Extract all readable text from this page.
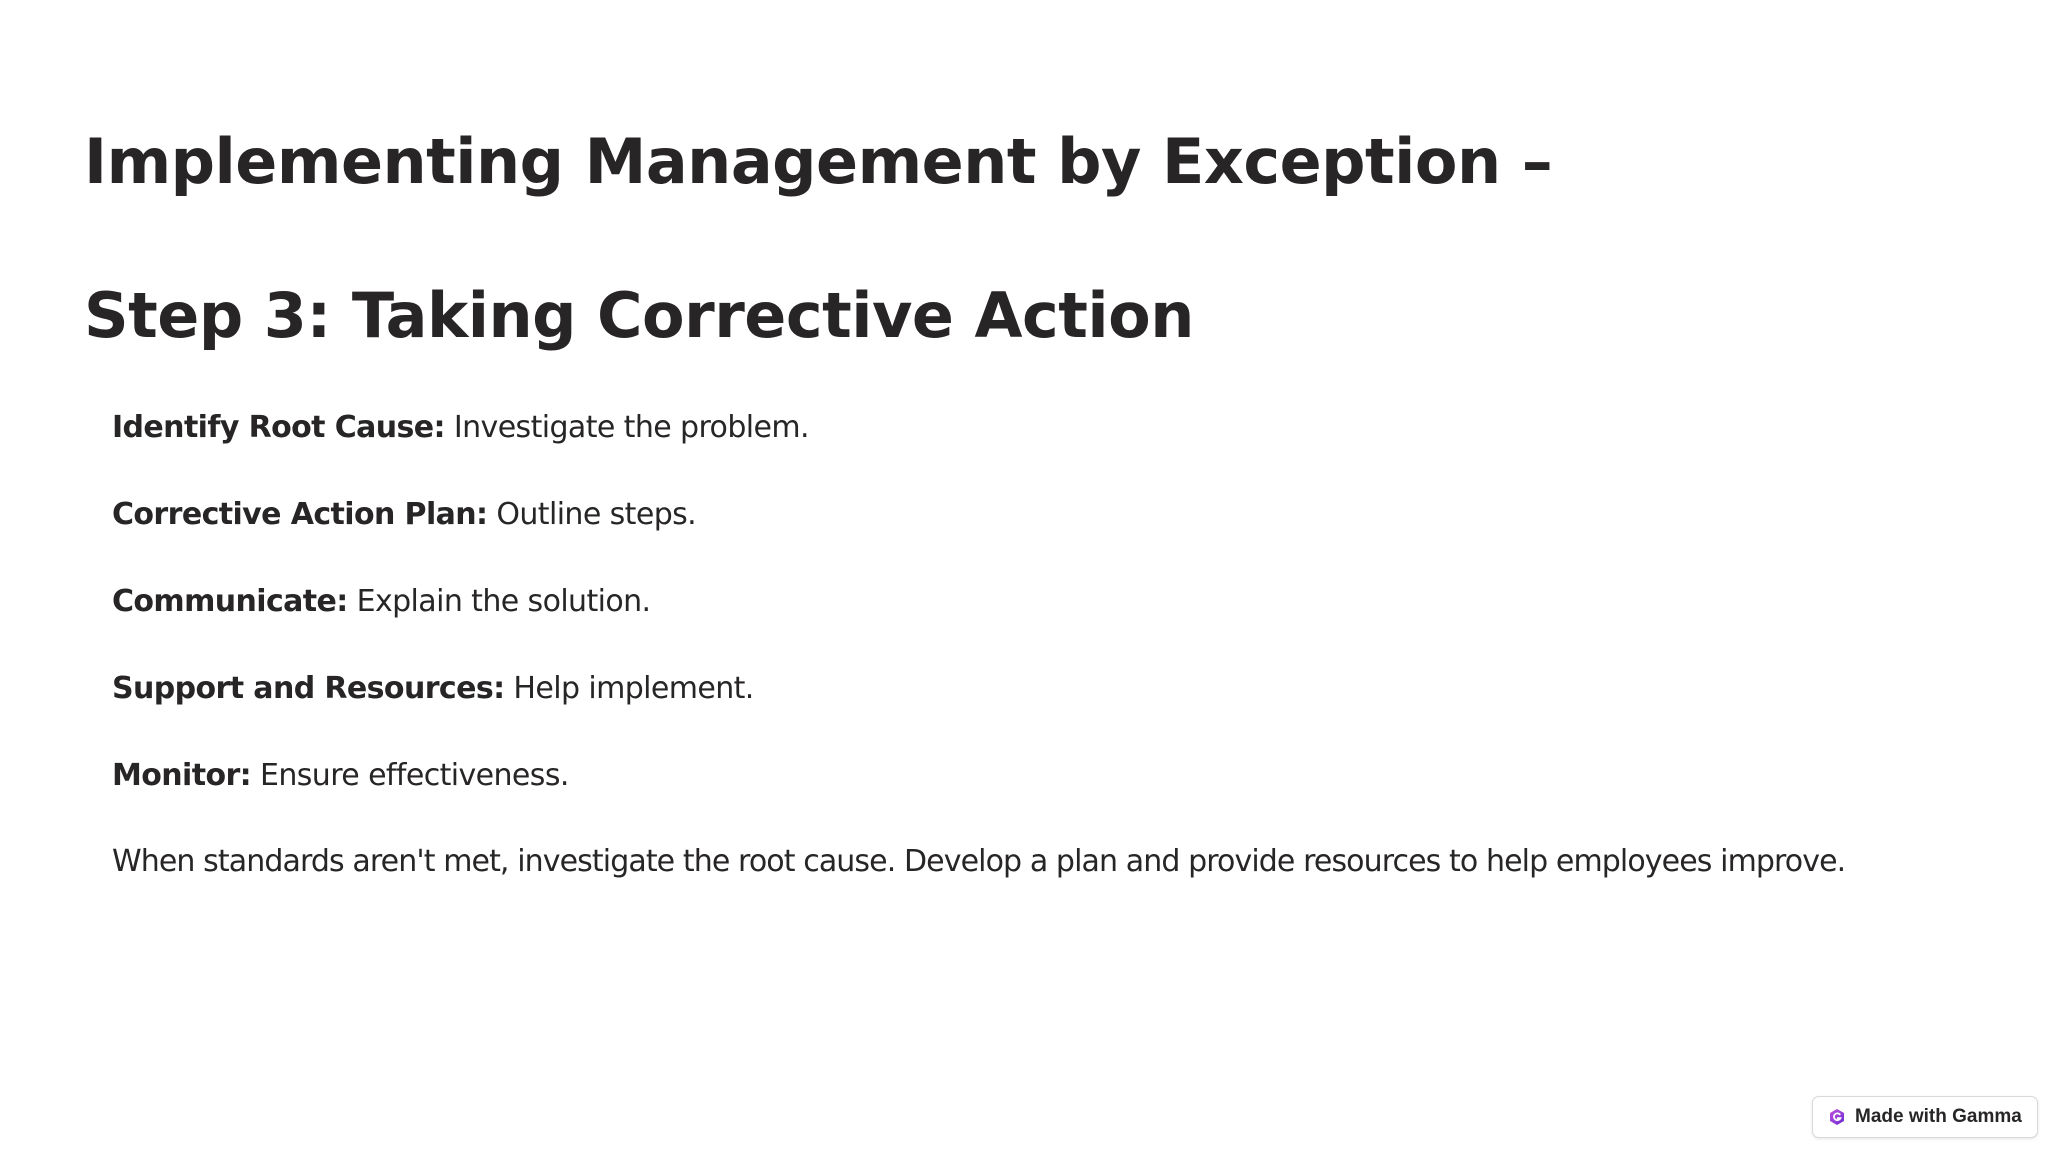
Implementing Management by Exception –
Step 3: Taking Corrective Action
Identify Root Cause: Investigate the problem.
Corrective Action Plan: Outline steps.
Communicate: Explain the solution.
Support and Resources: Help implement.
Monitor: Ensure effectiveness.

When standards aren't met, investigate the root cause. Develop a plan and provide resources to help employees improve.

Made with Gamma
